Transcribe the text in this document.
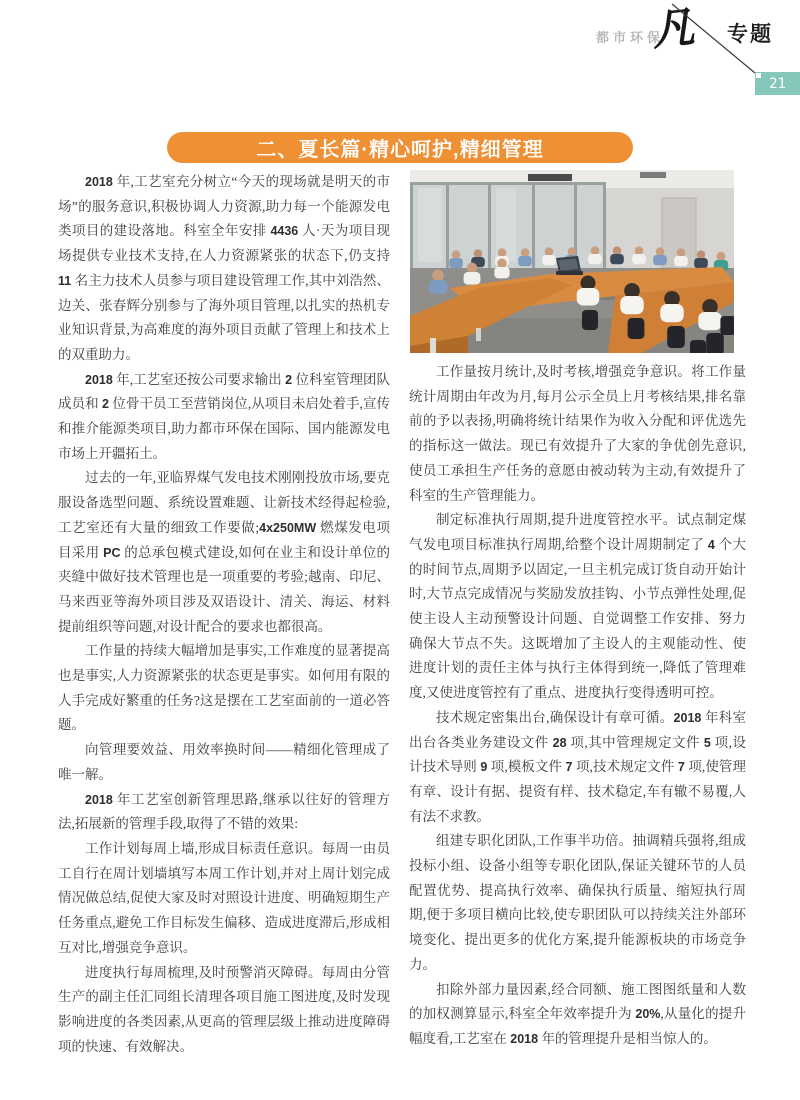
都市环保
凡 专题
21
二、夏长篇·精心呵护,精细管理

2018 年,工艺室充分树立“今天的现场就是明天的市场”的服务意识,积极协调人力资源,助力每一个能源发电类项目的建设落地。科室全年安排 4436 人·天为项目现场提供专业技术支持,在人力资源紧张的状态下,仍支持 11 名主力技术人员参与项目建设管理工作,其中刘浩然、边关、张春辉分别参与了海外项目管理,以扎实的热机专业知识背景,为高难度的海外项目贡献了管理上和技术上的双重助力。

2018 年,工艺室还按公司要求输出 2 位科室管理团队成员和 2 位骨干员工至营销岗位,从项目未启处着手,宣传和推介能源类项目,助力都市环保在国际、国内能源发电市场上开疆拓土。

过去的一年,亚临界煤气发电技术刚刚投放市场,要克服设备选型问题、系统设置难题、让新技术经得起检验,工艺室还有大量的细致工作要做;4x250MW 燃煤发电项目采用 PC 的总承包模式建设,如何在业主和设计单位的夹缝中做好技术管理也是一项重要的考验;越南、印尼、马来西亚等海外项目涉及双语设计、清关、海运、材料提前组织等问题,对设计配合的要求也都很高。

工作量的持续大幅增加是事实,工作难度的显著提高也是事实,人力资源紧张的状态更是事实。如何用有限的人手完成好繁重的任务?这是摆在工艺室面前的一道必答题。

向管理要效益、用效率换时间——精细化管理成了唯一解。

2018 年工艺室创新管理思路,继承以往好的管理方法,拓展新的管理手段,取得了不错的效果:

工作计划每周上墙,形成目标责任意识。每周一由员工自行在周计划墙填写本周工作计划,并对上周计划完成情况做总结,促使大家及时对照设计进度、明确短期生产任务重点,避免工作目标发生偏移、造成进度滞后,形成相互对比,增强竞争意识。

进度执行每周梳理,及时预警消灭障碍。每周由分管生产的副主任汇同组长清理各项目施工图进度,及时发现影响进度的各类因素,从更高的管理层级上推动进度障碍项的快速、有效解决。

工作量按月统计,及时考核,增强竞争意识。将工作量统计周期由年改为月,每月公示全员上月考核结果,排名靠前的予以表扬,明确将统计结果作为收入分配和评优选先的指标这一做法。现已有效提升了大家的争优创先意识,使员工承担生产任务的意愿由被动转为主动,有效提升了科室的生产管理能力。

制定标准执行周期,提升进度管控水平。试点制定煤气发电项目标准执行周期,给整个设计周期制定了 4 个大的时间节点,周期予以固定,一旦主机完成订货自动开始计时,大节点完成情况与奖励发放挂钩、小节点弹性处理,促使主设人主动预警设计问题、自觉调整工作安排、努力确保大节点不失。这既增加了主设人的主观能动性、使进度计划的责任主体与执行主体得到统一,降低了管理难度,又使进度管控有了重点、进度执行变得透明可控。

技术规定密集出台,确保设计有章可循。2018 年科室出台各类业务建设文件 28 项,其中管理规定文件 5 项,设计技术导则 9 项,模板文件 7 项,技术规定文件 7 项,使管理有章、设计有据、提资有样、技术稳定,车有辙不易覆,人有法不求教。

组建专职化团队,工作事半功倍。抽调精兵强将,组成投标小组、设备小组等专职化团队,保证关键环节的人员配置优势、提高执行效率、确保执行质量、缩短执行周期,便于多项目横向比较,使专职团队可以持续关注外部环境变化、提出更多的优化方案,提升能源板块的市场竞争力。

扣除外部力量因素,经合同额、施工图图纸量和人数的加权测算显示,科室全年效率提升为 20%,从量化的提升幅度看,工艺室在 2018 年的管理提升是相当惊人的。
